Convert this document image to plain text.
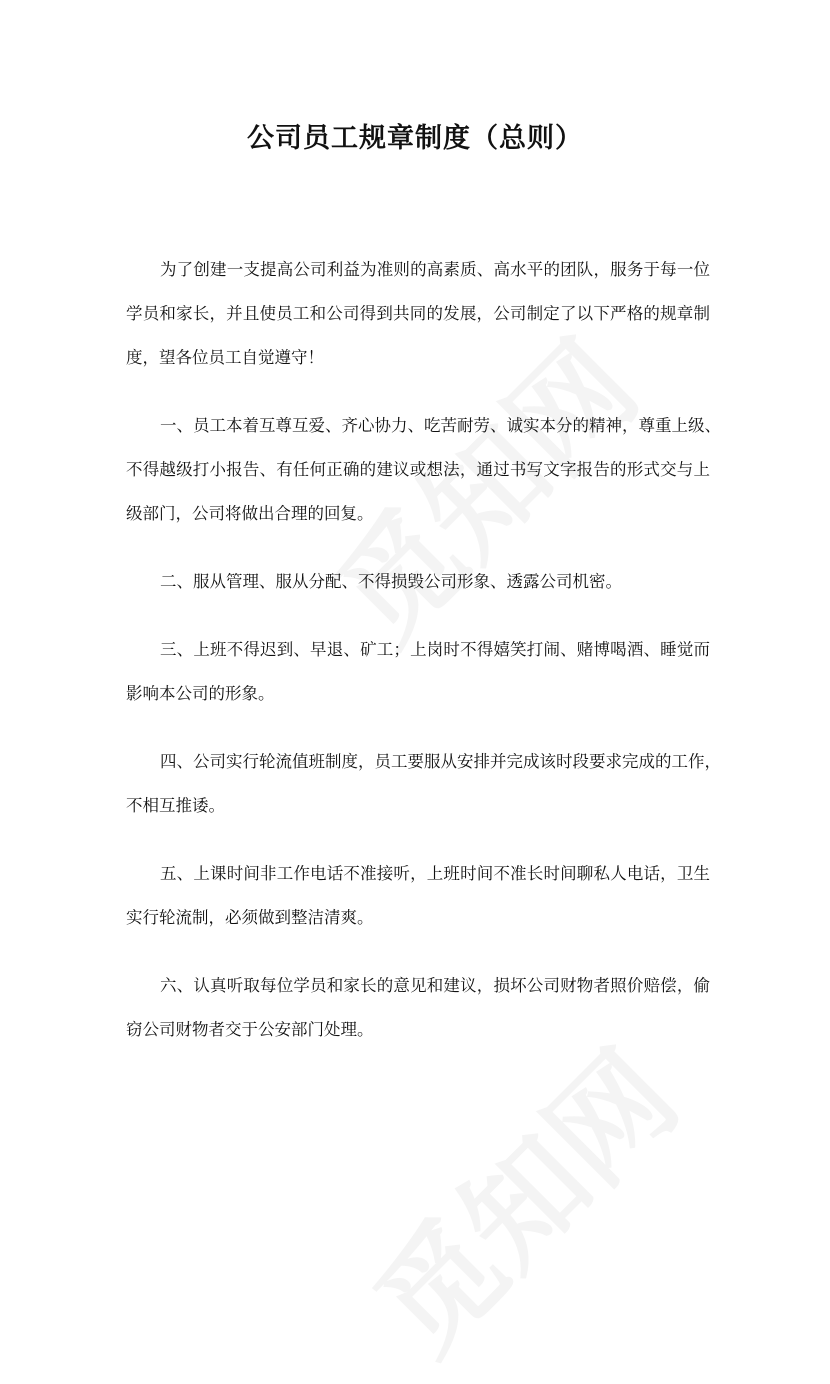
公司员工规章制度（总则）
为了创建一支提高公司利益为准则的高素质、高水平的团队，服务于每一位
学员和家长，并且使员工和公司得到共同的发展，公司制定了以下严格的规章制
度，望各位员工自觉遵守！
一、员工本着互尊互爱、齐心协力、吃苦耐劳、诚实本分的精神，尊重上级、
不得越级打小报告、有任何正确的建议或想法，通过书写文字报告的形式交与上
级部门，公司将做出合理的回复。
二、服从管理、服从分配、不得损毁公司形象、透露公司机密。
三、上班不得迟到、早退、矿工；上岗时不得嬉笑打闹、赌博喝酒、睡觉而
影响本公司的形象。
四、公司实行轮流值班制度，员工要服从安排并完成该时段要求完成的工作，
不相互推诿。
五、上课时间非工作电话不准接听，上班时间不准长时间聊私人电话，卫生
实行轮流制，必须做到整洁清爽。
六、认真听取每位学员和家长的意见和建议，损坏公司财物者照价赔偿，偷
窃公司财物者交于公安部门处理。
